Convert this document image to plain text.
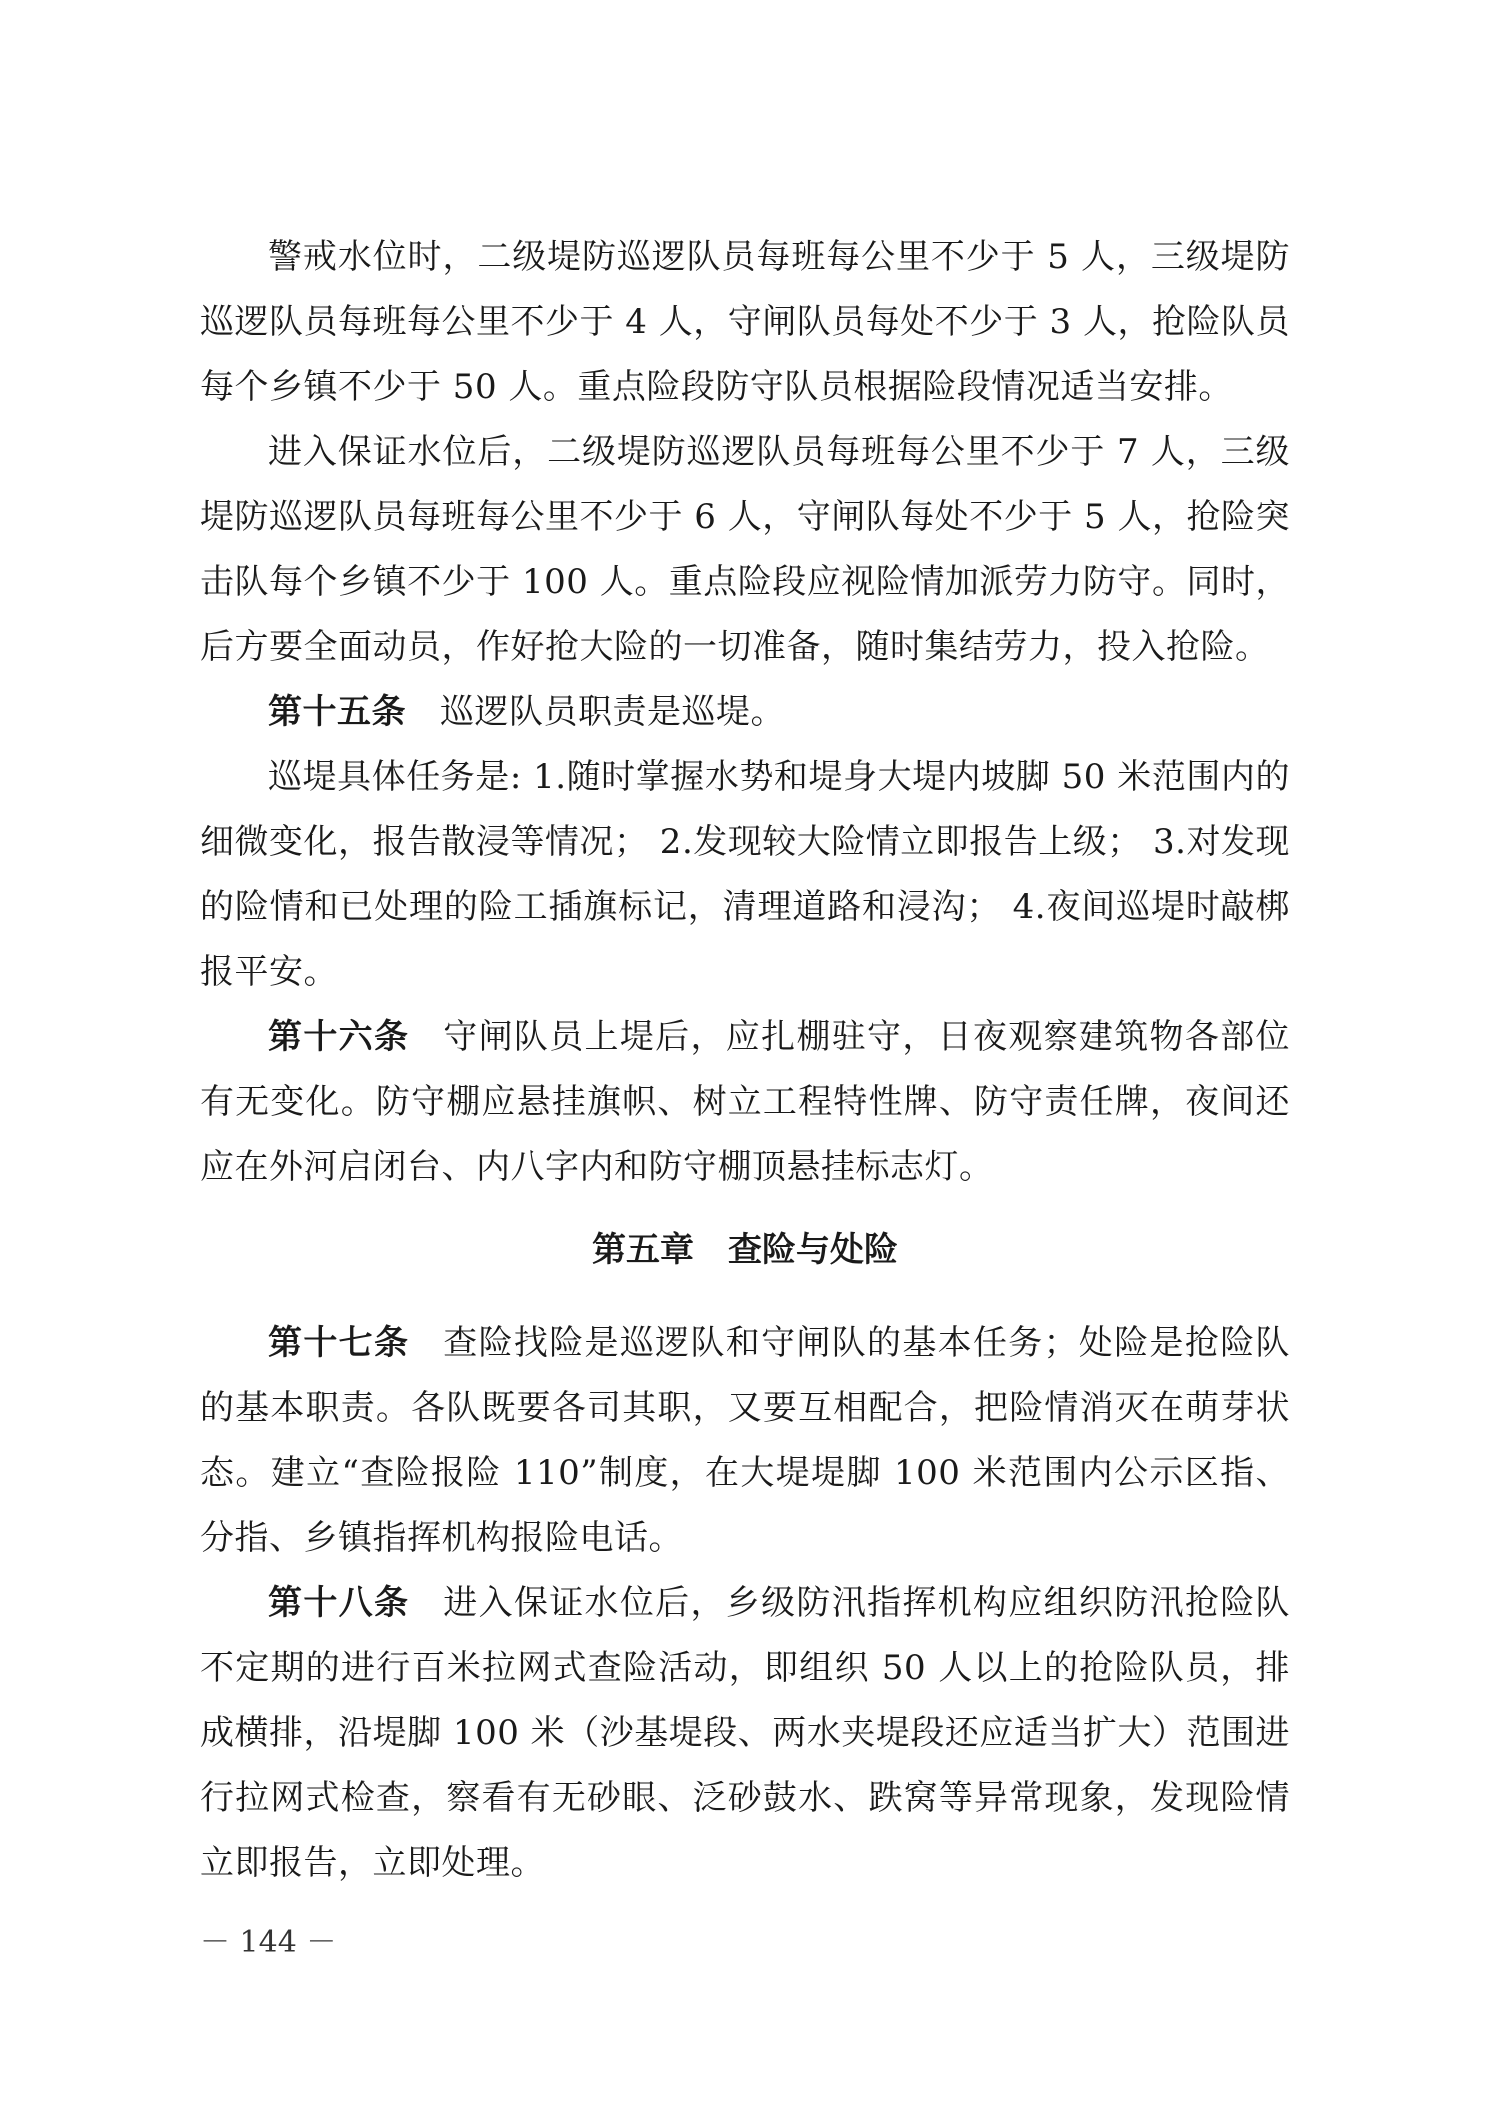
警戒水位时，二级堤防巡逻队员每班每公里不少于 5 人，三级堤防巡逻队员每班每公里不少于 4 人，守闸队员每处不少于 3 人，抢险队员每个乡镇不少于 50 人。重点险段防守队员根据险段情况适当安排。

进入保证水位后，二级堤防巡逻队员每班每公里不少于 7 人，三级堤防巡逻队员每班每公里不少于 6 人，守闸队每处不少于 5 人，抢险突击队每个乡镇不少于 100 人。重点险段应视险情加派劳力防守。同时，后方要全面动员，作好抢大险的一切准备，随时集结劳力，投入抢险。

第十五条 巡逻队员职责是巡堤。

巡堤具体任务是: 1.随时掌握水势和堤身大堤内坡脚 50 米范围内的细微变化，报告散浸等情况； 2.发现较大险情立即报告上级； 3.对发现的险情和已处理的险工插旗标记，清理道路和浸沟； 4.夜间巡堤时敲梆报平安。

第十六条 守闸队员上堤后，应扎棚驻守，日夜观察建筑物各部位有无变化。防守棚应悬挂旗帜、树立工程特性牌、防守责任牌，夜间还应在外河启闭台、内八字内和防守棚顶悬挂标志灯。

第五章 查险与处险

第十七条 查险找险是巡逻队和守闸队的基本任务；处险是抢险队的基本职责。各队既要各司其职，又要互相配合，把险情消灭在萌芽状态。建立“查险报险 110”制度，在大堤堤脚 100 米范围内公示区指、分指、乡镇指挥机构报险电话。

第十八条 进入保证水位后，乡级防汛指挥机构应组织防汛抢险队不定期的进行百米拉网式查险活动，即组织 50 人以上的抢险队员，排成横排，沿堤脚 100 米（沙基堤段、两水夹堤段还应适当扩大）范围进行拉网式检查，察看有无砂眼、泛砂鼓水、跌窝等异常现象，发现险情立即报告，立即处理。

－ 144 －
